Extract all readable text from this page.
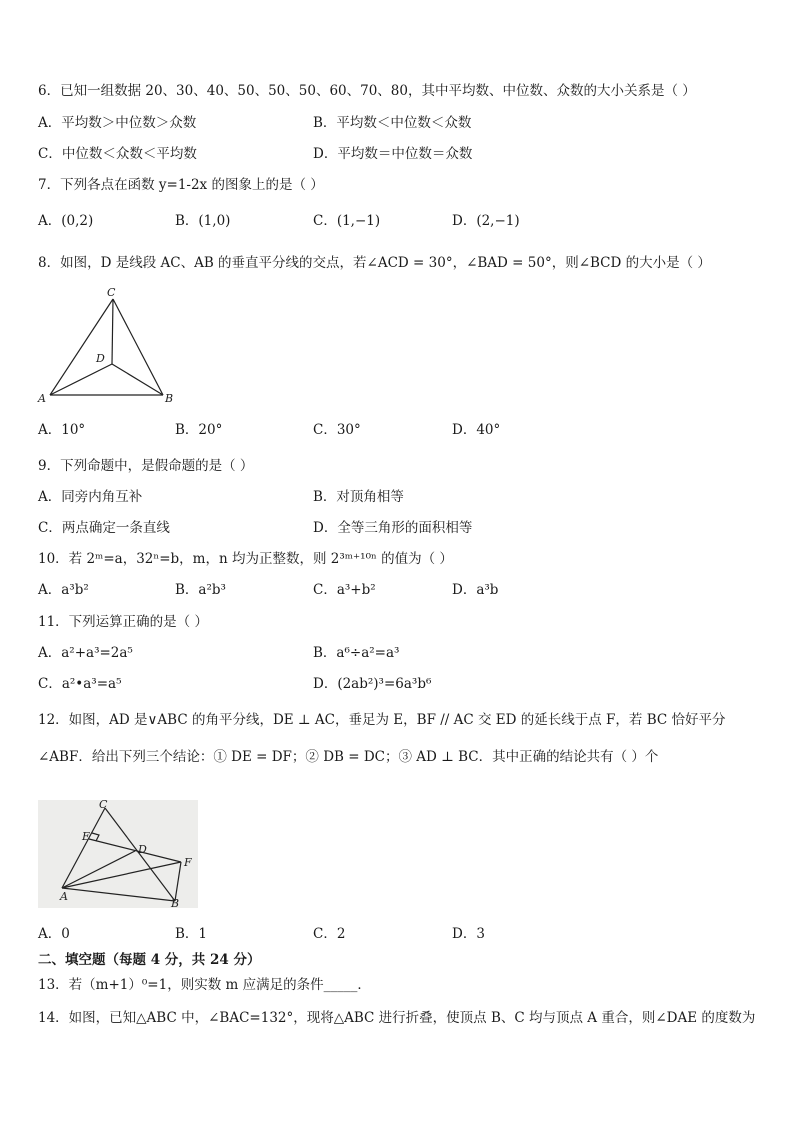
6．已知一组数据 20、30、40、50、50、50、60、70、80，其中平均数、中位数、众数的大小关系是（ ）
A．平均数＞中位数＞众数	B．平均数＜中位数＜众数
C．中位数＜众数＜平均数	D．平均数＝中位数＝众数
7．下列各点在函数 y=1-2x 的图象上的是（ ）
A．(0,2)	B．(1,0)	C．(1,−1)	D．(2,−1)
8．如图，D 是线段 AC、AB 的垂直平分线的交点，若∠ACD = 30°，∠BAD = 50°，则∠BCD 的大小是（ ）
C
D
A	B
A．10°	B．20°	C．30°	D．40°
9．下列命题中，是假命题的是（ ）
A．同旁内角互补	B．对顶角相等
C．两点确定一条直线	D．全等三角形的面积相等
10．若 2ᵐ=a，32ⁿ=b，m，n 均为正整数，则 2³ᵐ⁺¹⁰ⁿ 的值为（ ）
A．a³b²	B．a²b³	C．a³+b²	D．a³b
11．下列运算正确的是（ ）
A．a²+a³=2a⁵	B．a⁶÷a²=a³
C．a²•a³=a⁵	D．(2ab²)³=6a³b⁶
12．如图，AD 是∨ABC 的角平分线，DE ⊥ AC，垂足为 E，BF // AC 交 ED 的延长线于点 F，若 BC 恰好平分
∠ABF．给出下列三个结论：① DE = DF；② DB = DC；③ AD ⊥ BC．其中正确的结论共有（ ）个
C
E
D
F
A
B
A．0	B．1	C．2	D．3
二、填空题（每题 4 分，共 24 分）
13．若（m+1）⁰=1，则实数 m 应满足的条件_____．
14．如图，已知△ABC 中，∠BAC=132°，现将△ABC 进行折叠，使顶点 B、C 均与顶点 A 重合，则∠DAE 的度数为
